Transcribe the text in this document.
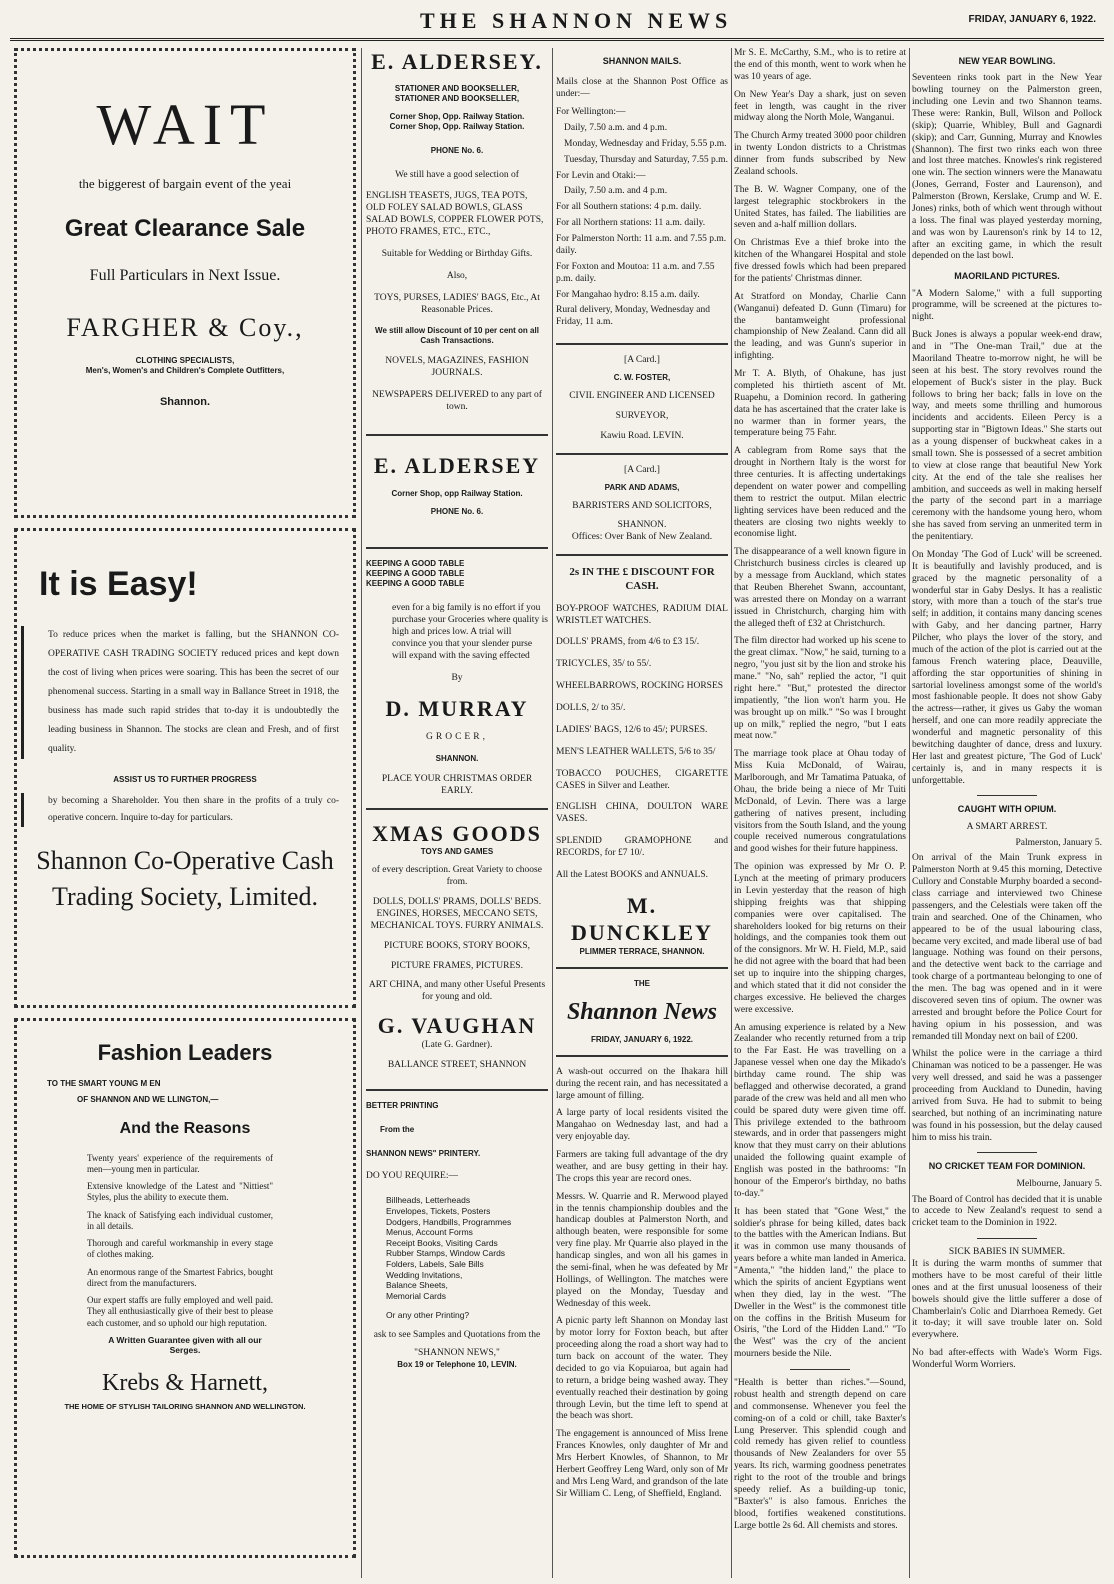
THE SHANNON NEWS	FRIDAY, JANUARY 6, 1922.
WAIT
the biggerest of bargain event of the yeai
Great Clearance Sale
Full Particulars in Next Issue.
FARGHER & Coy.,
CLOTHING SPECIALISTS,
Men's, Women's and Children's Complete Outfitters,
Shannon.
It is Easy!
To reduce prices when the market is falling, but the SHANNON CO-OPERATIVE CASH TRADING SOCIETY reduced prices and kept down the cost of living when prices were soaring. This has been the secret of our phenomenal success. Starting in a small way in Ballance Street in 1918, the business has made such rapid strides that to-day it is undoubtedly the leading business in Shannon. The stocks are clean and Fresh, and of first quality.
ASSIST US TO FURTHER PROGRESS
by becoming a Shareholder. You then share in the profits of a truly co-operative concern. Inquire to-day for particulars.
Shannon Co-Operative Cash Trading Society, Limited.
Fashion Leaders
TO THE SMART YOUNG M EN
OF SHANNON AND WE LLINGTON,—
And the Reasons

Twenty years' experience of the requirements of men—young men in particular.

Extensive knowledge of the Latest and "Nittiest" Styles, plus the ability to execute them.

The knack of Satisfying each individual customer, in all details.

Thorough and careful workmanship in every stage of clothes making.

An enormous range of the Smartest Fabrics, bought direct from the manufacturers.

Our expert staffs are fully employed and well paid. They all enthusiastically give of their best to please each customer, and so uphold our high reputation.

A Written Guarantee given with all our Serges.
Krebs & Harnett,
THE HOME OF STYLISH TAILORING SHANNON AND WELLINGTON.
E. ALDERSEY.
STATIONER AND BOOKSELLER,
STATIONER AND BOOKSELLER,
Corner Shop, Opp. Railway Station.
Corner Shop, Opp. Railway Station.
PHONE No. 6.
We still have a good selection of
ENGLISH TEASETS, JUGS, TEA POTS, OLD FOLEY SALAD BOWLS, GLASS SALAD BOWLS, COPPER FLOWER POTS, PHOTO FRAMES, ETC., ETC.,
Suitable for Wedding or Birthday Gifts.
Also,
TOYS, PURSES, LADIES' BAGS, Etc., At Reasonable Prices.
We still allow Discount of 10 per cent on all Cash Transactions.
NOVELS, MAGAZINES, FASHION JOURNALS.
NEWSPAPERS DELIVERED to any part of town.
E. ALDERSEY
Corner Shop, opp Railway Station.
PHONE No. 6.
KEEPING A GOOD TABLE
KEEPING A GOOD TABLE
KEEPING A GOOD TABLE
even for a big family is no effort if you purchase your Groceries where quality is high and prices low. A trial will convince you that your slender purse will expand with the saving effected
By
D. MURRAY
GROCER,
SHANNON.
PLACE YOUR CHRISTMAS ORDER EARLY.
XMAS GOODS
TOYS AND GAMES
of every description. Great Variety to choose from.
DOLLS, DOLLS' PRAMS, DOLLS' BEDS. ENGINES, HORSES, MECCANO SETS, MECHANICAL TOYS. FURRY ANIMALS.
PICTURE BOOKS, STORY BOOKS,
PICTURE FRAMES, PICTURES.
ART CHINA, and many other Useful Presents for young and old.
G. VAUGHAN
(Late G. Gardner).
BALLANCE STREET, SHANNON
BETTER PRINTING
From the
SHANNON NEWS" PRINTERY.
DO YOU REQUIRE:—
Billheads, Letterheads
Envelopes, Tickets, Posters
Dodgers, Handbills, Programmes
Menus, Account Forms
Receipt Books, Visiting Cards
Rubber Stamps, Window Cards
Folders, Labels, Sale Bills
Wedding Invitations,
Balance Sheets,
Memorial Cards
Or any other Printing?
ask to see Samples and Quotations from the
"SHANNON NEWS,"
Box 19 or Telephone 10, LEVIN.
SHANNON MAILS.

Mails close at the Shannon Post Office as under:—

For Wellington:—
Daily, 7.50 a.m. and 4 p.m.
Monday, Wednesday and Friday, 5.55 p.m.
Tuesday, Thursday and Saturday, 7.55 p.m.
For Levin and Otaki:—
Daily, 7.50 a.m. and 4 p.m.
For all Southern stations: 4 p.m. daily.
For all Northern stations: 11 a.m. daily.
For Palmerston North: 11 a.m. and 7.55 p.m. daily.
For Foxton and Moutoa: 11 a.m. and 7.55 p.m. daily.
For Mangahao hydro: 8.15 a.m. daily.
Rural delivery, Monday, Wednesday and Friday, 11 a.m.
[A Card.]
C. W. FOSTER,
CIVIL ENGINEER AND LICENSED
SURVEYOR,
Kawiu Road. LEVIN.
[A Card.]
PARK AND ADAMS,
BARRISTERS AND SOLICITORS,
SHANNON.
Offices: Over Bank of New Zealand.
2s IN THE £ DISCOUNT FOR CASH.

BOY-PROOF WATCHES, RADIUM DIAL WRISTLET WATCHES.

DOLLS' PRAMS, from 4/6 to £3 15/.

TRICYCLES, 35/ to 55/.

WHEELBARROWS, ROCKING HORSES

DOLLS, 2/ to 35/.

LADIES' BAGS, 12/6 to 45/; PURSES.

MEN'S LEATHER WALLETS, 5/6 to 35/

TOBACCO POUCHES, CIGARETTE CASES in Silver and Leather.

ENGLISH CHINA, DOULTON WARE VASES.

SPLENDID GRAMOPHONE and RECORDS, for £7 10/.

All the Latest BOOKS and ANNUALS.

M. DUNCKLEY
PLIMMER TERRACE, SHANNON.
THE
Shannon News
FRIDAY, JANUARY 6, 1922.

A wash-out occurred on the Ihakara hill during the recent rain, and has necessitated a large amount of filling.

A large party of local residents visited the Mangahao on Wednesday last, and had a very enjoyable day.

Farmers are taking full advantage of the dry weather, and are busy getting in their hay. The crops this year are record ones.

Messrs. W. Quarrie and R. Merwood played in the tennis championship doubles and the handicap doubles at Palmerston North, and although beaten, were responsible for some very fine play. Mr Quarrie also played in the handicap singles, and won all his games in the semi-final, when he was defeated by Mr Hollings, of Wellington. The matches were played on the Monday, Tuesday and Wednesday of this week.

A picnic party left Shannon on Monday last by motor lorry for Foxton beach, but after proceeding along the road a short way had to turn back on account of the water. They decided to go via Kopuiaroa, but again had to return, a bridge being washed away. They eventually reached their destination by going through Levin, but the time left to spend at the beach was short.

The engagement is announced of Miss Irene Frances Knowles, only daughter of Mr and Mrs Herbert Knowles, of Shannon, to Mr Herbert Geoffrey Leng Ward, only son of Mr and Mrs Leng Ward, and grandson of the late Sir William C. Leng, of Sheffield, England.

Mr S. E. McCarthy, S.M., who is to retire at the end of this month, went to work when he was 10 years of age.

On New Year's Day a shark, just on seven feet in length, was caught in the river midway along the North Mole, Wanganui.

The Church Army treated 3000 poor children in twenty London districts to a Christmas dinner from funds subscribed by New Zealand schools.

The B. W. Wagner Company, one of the largest telegraphic stockbrokers in the United States, has failed. The liabilities are seven and a-half million dollars.

On Christmas Eve a thief broke into the kitchen of the Whangarei Hospital and stole five dressed fowls which had been prepared for the patients' Christmas dinner.

At Stratford on Monday, Charlie Cann (Wanganui) defeated D. Gunn (Timaru) for the bantamweight professional championship of New Zealand. Cann did all the leading, and was Gunn's superior in infighting.

Mr T. A. Blyth, of Ohakune, has just completed his thirtieth ascent of Mt. Ruapehu, a Dominion record. In gathering data he has ascertained that the crater lake is no warmer than in former years, the temperature being 75 Fahr.

A cablegram from Rome says that the drought in Northern Italy is the worst for three centuries. It is affecting undertakings dependent on water power and compelling them to restrict the output. Milan electric lighting services have been reduced and the theaters are closing two nights weekly to economise light.

The disappearance of a well known figure in Christchurch business circles is cleared up by a message from Auckland, which states that Reuben Bherehet Swann, accountant, was arrested there on Monday on a warrant issued in Christchurch, charging him with the alleged theft of £32 at Christchurch.

The film director had worked up his scene to the great climax. "Now," he said, turning to a negro, "you just sit by the lion and stroke his mane." "No, sah" replied the actor, "I quit right here." "But," protested the director impatiently, "the lion won't harm you. He was brought up on milk." "So was I brought up on milk," replied the negro, "but I eats meat now."

The marriage took place at Ohau today of Miss Kuia McDonald, of Wairau, Marlborough, and Mr Tamatima Patuaka, of Ohau, the bride being a niece of Mr Tuiti McDonald, of Levin. There was a large gathering of natives present, including visitors from the South Island, and the young couple received numerous congratulations and good wishes for their future happiness.

The opinion was expressed by Mr O. P. Lynch at the meeting of primary producers in Levin yesterday that the reason of high shipping freights was that shipping companies were over capitalised. The shareholders looked for big returns on their holdings, and the companies took them out of the consignors. Mr W. H. Field, M.P., said he did not agree with the board that had been set up to inquire into the shipping charges, and which stated that it did not consider the charges excessive. He believed the charges were excessive.

An amusing experience is related by a New Zealander who recently returned from a trip to the Far East. He was travelling on a Japanese vessel when one day the Mikado's birthday came round. The ship was beflagged and otherwise decorated, a grand parade of the crew was held and all men who could be spared duty were given time off. This privilege extended to the bathroom stewards, and in order that passengers might know that they must carry on their ablutions unaided the following quaint example of English was posted in the bathrooms: "In honour of the Emperor's birthday, no baths to-day."

It has been stated that "Gone West," the soldier's phrase for being killed, dates back to the battles with the American Indians. But it was in common use many thousands of years before a white man landed in America. "Amenta," "the hidden land," the place to which the spirits of ancient Egyptians went when they died, lay in the west. "The Dweller in the West" is the commonest title on the coffins in the British Museum for Osiris, "the Lord of the Hidden Land." "To the West" was the cry of the ancient mourners beside the Nile.

"Health is better than riches."—Sound, robust health and strength depend on care and commonsense. Whenever you feel the coming-on of a cold or chill, take Baxter's Lung Preserver. This splendid cough and cold remedy has given relief to countless thousands of New Zealanders for over 55 years. Its rich, warming goodness penetrates right to the root of the trouble and brings speedy relief. As a building-up tonic, "Baxter's" is also famous. Enriches the blood, fortifies weakened constitutions. Large bottle 2s 6d. All chemists and stores.

NEW YEAR BOWLING.

Seventeen rinks took part in the New Year bowling tourney on the Palmerston green, including one Levin and two Shannon teams. These were: Rankin, Bull, Wilson and Pollock (skip); Quarrie, Whibley, Bull and Gagnardi (skip); and Carr, Gunning, Murray and Knowles (Shannon). The first two rinks each won three and lost three matches. Knowles's rink registered one win. The section winners were the Manawatu (Jones, Gerrand, Foster and Laurenson), and Palmerston (Brown, Kerslake, Crump and W. E. Jones) rinks, both of which went through without a loss. The final was played yesterday morning, and was won by Laurenson's rink by 14 to 12, after an exciting game, in which the result depended on the last bowl.

MAORILAND PICTURES.

"A Modern Salome," with a full supporting programme, will be screened at the pictures to-night.

Buck Jones is always a popular week-end draw, and in "The One-man Trail," due at the Maoriland Theatre to-morrow night, he will be seen at his best. The story revolves round the elopement of Buck's sister in the play. Buck follows to bring her back; falls in love on the way, and meets some thrilling and humorous incidents and accidents. Eileen Percy is a supporting star in "Bigtown Ideas." She starts out as a young dispenser of buckwheat cakes in a small town. She is possessed of a secret ambition to view at close range that beautiful New York city. At the end of the tale she realises her ambition, and succeeds as well in making herself the party of the second part in a marriage ceremony with the handsome young hero, whom she has saved from serving an unmerited term in the penitentiary.

On Monday 'The God of Luck' will be screened. It is beautifully and lavishly produced, and is graced by the magnetic personality of a wonderful star in Gaby Deslys. It has a realistic story, with more than a touch of the star's true self; in addition, it contains many dancing scenes with Gaby, and her dancing partner, Harry Pilcher, who plays the lover of the story, and much of the action of the plot is carried out at the famous French watering place, Deauville, affording the star opportunities of shining in sartorial loveliness amongst some of the world's most fashionable people. It does not show Gaby the actress—rather, it gives us Gaby the woman herself, and one can more readily appreciate the wonderful and magnetic personality of this bewitching daughter of dance, dress and luxury. Her last and greatest picture, 'The God of Luck' certainly is, and in many respects it is unforgettable.

CAUGHT WITH OPIUM.
A SMART ARREST.
Palmerston, January 5.

On arrival of the Main Trunk express in Palmerston North at 9.45 this morning, Detective Cullory and Constable Murphy boarded a second-class carriage and interviewed two Chinese passengers, and the Celestials were taken off the train and searched. One of the Chinamen, who appeared to be of the usual labouring class, became very excited, and made liberal use of bad language. Nothing was found on their persons, and the detective went back to the carriage and took charge of a portmanteau belonging to one of the men. The bag was opened and in it were discovered seven tins of opium. The owner was arrested and brought before the Police Court for having opium in his possession, and was remanded till Monday next on bail of £200.

Whilst the police were in the carriage a third Chinaman was noticed to be a passenger. He was very well dressed, and said he was a passenger proceeding from Auckland to Dunedin, having arrived from Suva. He had to submit to being searched, but nothing of an incriminating nature was found in his possession, but the delay caused him to miss his train.

NO CRICKET TEAM FOR DOMINION.
Melbourne, January 5.

The Board of Control has decided that it is unable to accede to New Zealand's request to send a cricket team to the Dominion in 1922.

SICK BABIES IN SUMMER.

It is during the warm months of summer that mothers have to be most careful of their little ones and at the first unusual looseness of their bowels should give the little sufferer a dose of Chamberlain's Colic and Diarrhoea Remedy. Get it to-day; it will save trouble later on. Sold everywhere.

No bad after-effects with Wade's Worm Figs. Wonderful Worm Worriers.
